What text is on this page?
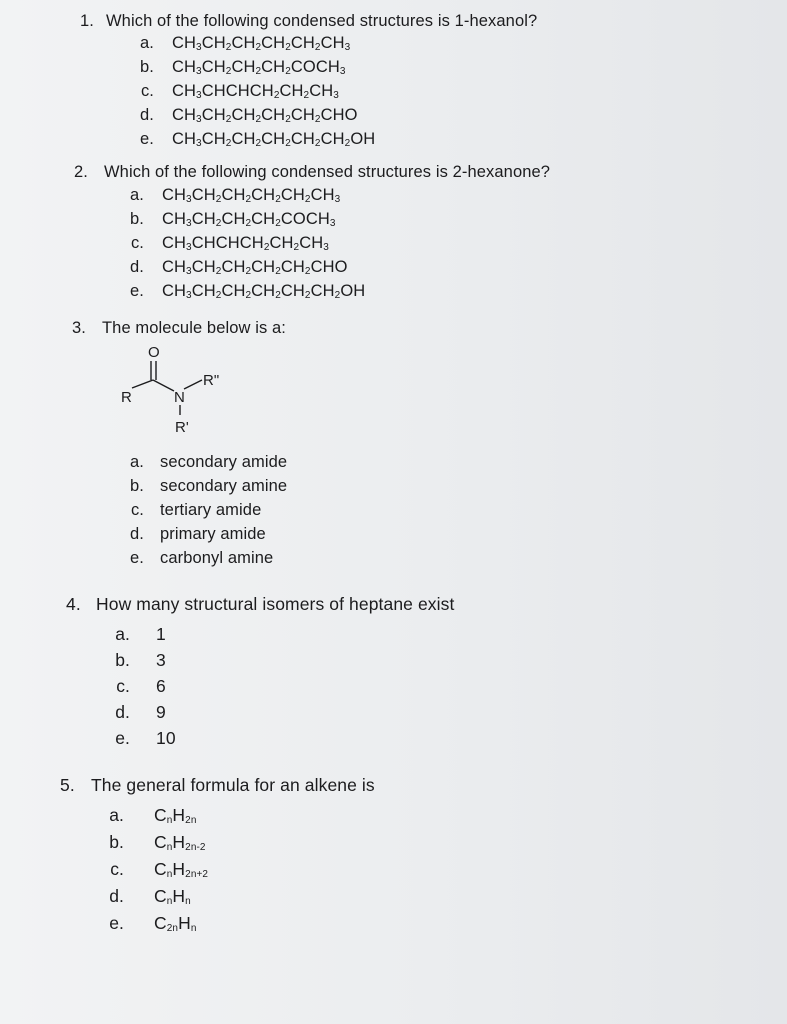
1. Which of the following condensed structures is 1-hexanol?
a. $CH_3CH_2CH_2CH_2CH_2CH_3$
b. $CH_3CH_2CH_2CH_2COCH_3$
c. $CH_3CHCHCH_2CH_2CH_3$
d. $CH_3CH_2CH_2CH_2CH_2CHO$
e. $CH_3CH_2CH_2CH_2CH_2CH_2OH$
2. Which of the following condensed structures is 2-hexanone?
a. $CH_3CH_2CH_2CH_2CH_2CH_3$
b. $CH_3CH_2CH_2CH_2COCH_3$
c. $CH_3CHCHCH_2CH_2CH_3$
d. $CH_3CH_2CH_2CH_2CH_2CHO$
e. $CH_3CH_2CH_2CH_2CH_2CH_2OH$
3. The molecule below is a:
O
R	N
R"
R'
a. secondary amide
b. secondary amine
c. tertiary amide
d. primary amide
e. carbonyl amine
4. How many structural isomers of heptane exist
a. 1
b. 3
c. 6
d. 9
e. 10
5. The general formula for an alkene is
a. $C_nH_{2n}$
b. $C_nH_{2n-2}$
c. $C_nH_{2n+2}$
d. $C_nH_n$
e. $C_{2n}H_n$
